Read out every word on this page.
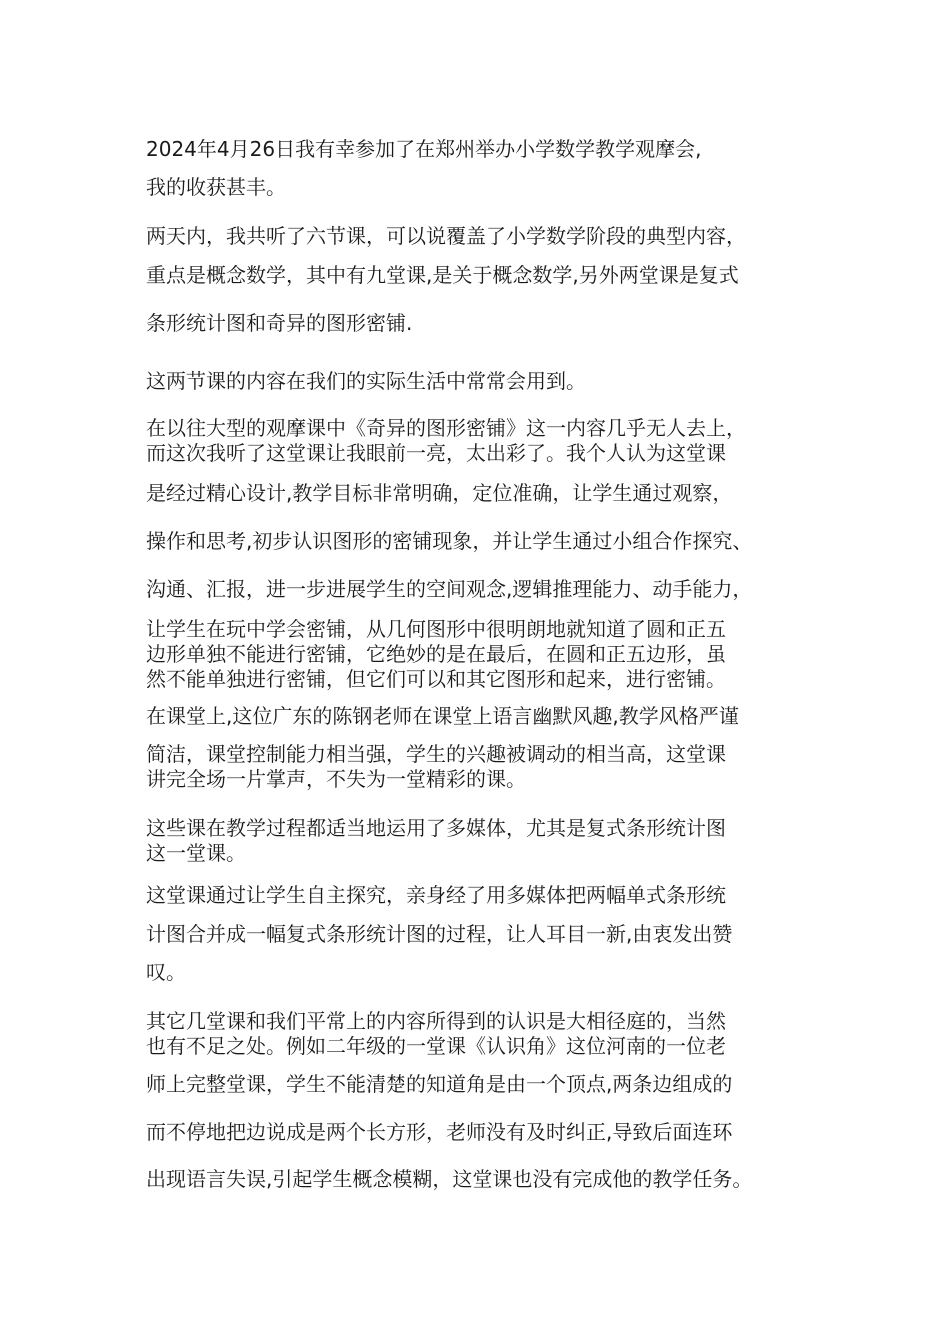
2024年4月26日我有幸参加了在郑州举办小学数学教学观摩会,
我的收获甚丰。
两天内，我共听了六节课，可以说覆盖了小学数学阶段的典型内容，
重点是概念数学，其中有九堂课,是关于概念数学,另外两堂课是复式
条形统计图和奇异的图形密铺.
这两节课的内容在我们的实际生活中常常会用到。
在以往大型的观摩课中《奇异的图形密铺》这一内容几乎无人去上，
而这次我听了这堂课让我眼前一亮，太出彩了。我个人认为这堂课
是经过精心设计,教学目标非常明确，定位准确，让学生通过观察，
操作和思考,初步认识图形的密铺现象，并让学生通过小组合作探究、
沟通、汇报，进一步进展学生的空间观念,逻辑推理能力、动手能力，
让学生在玩中学会密铺，从几何图形中很明朗地就知道了圆和正五
边形单独不能进行密铺，它绝妙的是在最后，在圆和正五边形，虽
然不能单独进行密铺，但它们可以和其它图形和起来，进行密铺。
在课堂上,这位广东的陈钢老师在课堂上语言幽默风趣,教学风格严谨
简洁，课堂控制能力相当强，学生的兴趣被调动的相当高，这堂课
讲完全场一片掌声，不失为一堂精彩的课。
这些课在教学过程都适当地运用了多媒体，尤其是复式条形统计图
这一堂课。
这堂课通过让学生自主探究，亲身经了用多媒体把两幅单式条形统
计图合并成一幅复式条形统计图的过程，让人耳目一新,由衷发出赞
叹。
其它几堂课和我们平常上的内容所得到的认识是大相径庭的，当然
也有不足之处。例如二年级的一堂课《认识角》这位河南的一位老
师上完整堂课，学生不能清楚的知道角是由一个顶点,两条边组成的
而不停地把边说成是两个长方形，老师没有及时纠正,导致后面连环
出现语言失误,引起学生概念模糊，这堂课也没有完成他的教学任务。
